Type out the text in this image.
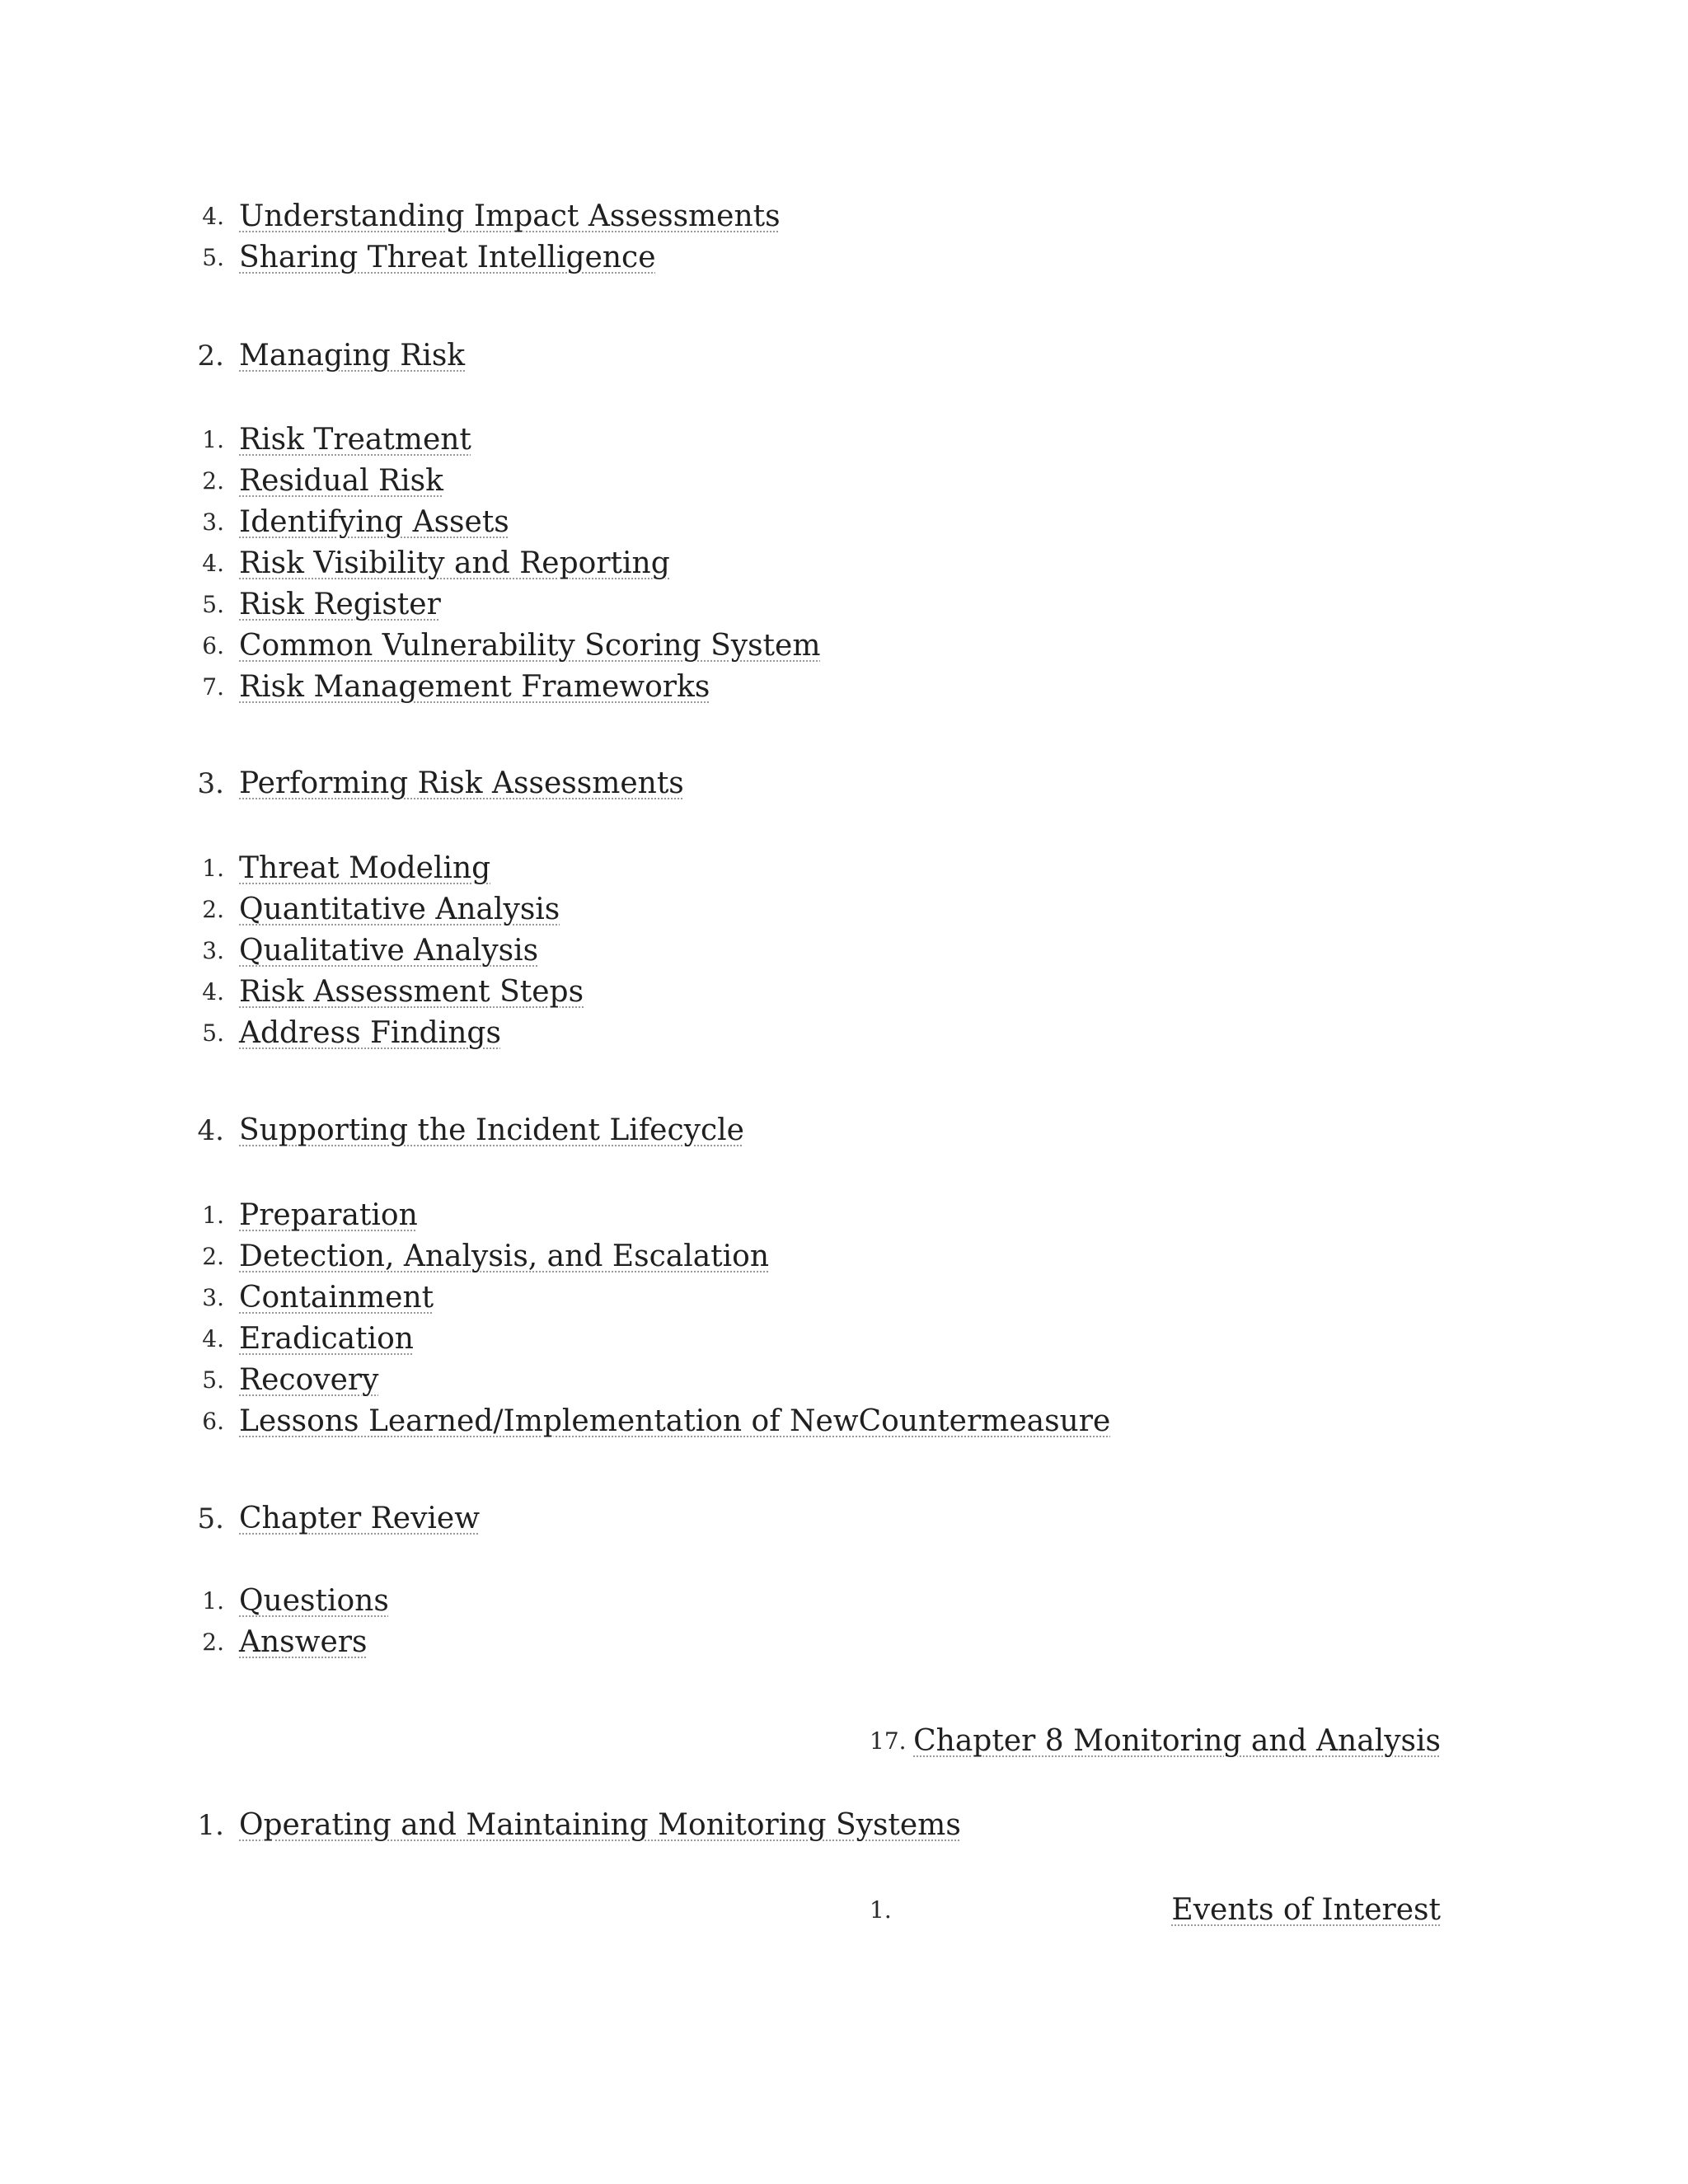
4. Understanding Impact Assessments
5. Sharing Threat Intelligence
2. Managing Risk
1. Risk Treatment
2. Residual Risk
3. Identifying Assets
4. Risk Visibility and Reporting
5. Risk Register
6. Common Vulnerability Scoring System
7. Risk Management Frameworks
3. Performing Risk Assessments
1. Threat Modeling
2. Quantitative Analysis
3. Qualitative Analysis
4. Risk Assessment Steps
5. Address Findings
4. Supporting the Incident Lifecycle
1. Preparation
2. Detection, Analysis, and Escalation
3. Containment
4. Eradication
5. Recovery
6. Lessons Learned/Implementation of NewCountermeasure
5. Chapter Review
1. Questions
2. Answers
17. Chapter 8 Monitoring and Analysis
1. Operating and Maintaining Monitoring Systems
1.	Events of Interest
